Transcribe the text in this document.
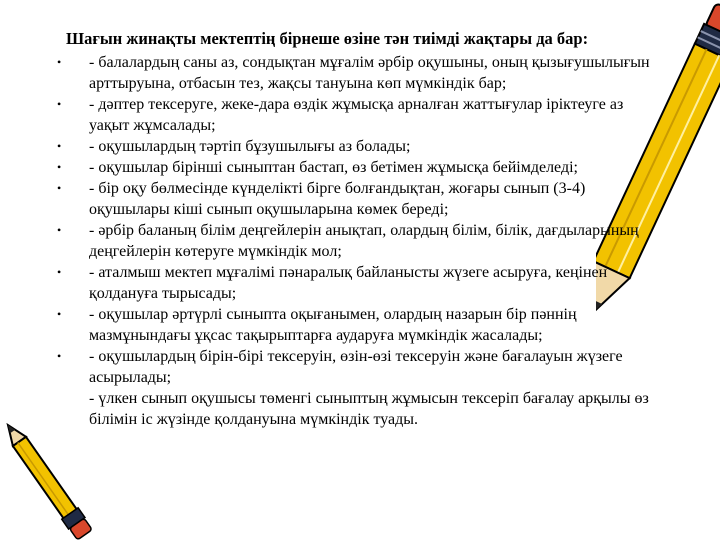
Шағын жинақты мектептің бірнеше өзіне тән тиімді жақтары да бар:
• - балалардың саны аз, сондықтан мұғалім әрбір оқушыны, оның қызығушылығын арттыруына, отбасын тез, жақсы тануына көп мүмкіндік бар;
• - дәптер тексеруге, жеке-дара өздік жұмысқа арналған жаттығулар іріктеуге аз уақыт жұмсалады;
• - оқушылардың тәртіп бұзушылығы аз болады;
• - оқушылар бірінші сыныптан бастап, өз бетімен жұмысқа бейімделеді;
• - бір оқу бөлмесінде күнделікті бірге болғандықтан, жоғары сынып (3-4) оқушылары кіші сынып оқушыларына көмек береді;
• - әрбір баланың білім деңгейлерін анықтап, олардың білім, білік, дағдыларының деңгейлерін көтеруге мүмкіндік мол;
• - аталмыш мектеп мұғалімі пәнаралық байланысты жүзеге асыруға, кеңінен қолдануға тырысады;
• - оқушылар әртүрлі сыныпта оқығанымен, олардың назарын бір пәннің мазмұнындағы ұқсас тақырыптарға аударуға мүмкіндік жасалады;
• - оқушылардың бірін-бірі тексеруін, өзін-өзі тексеруін және бағалауын жүзеге асырылады;
- үлкен сынып оқушысы төменгі сыныптың жұмысын тексеріп бағалау арқылы өз білімін іс жүзінде қолдануына мүмкіндік туады.
